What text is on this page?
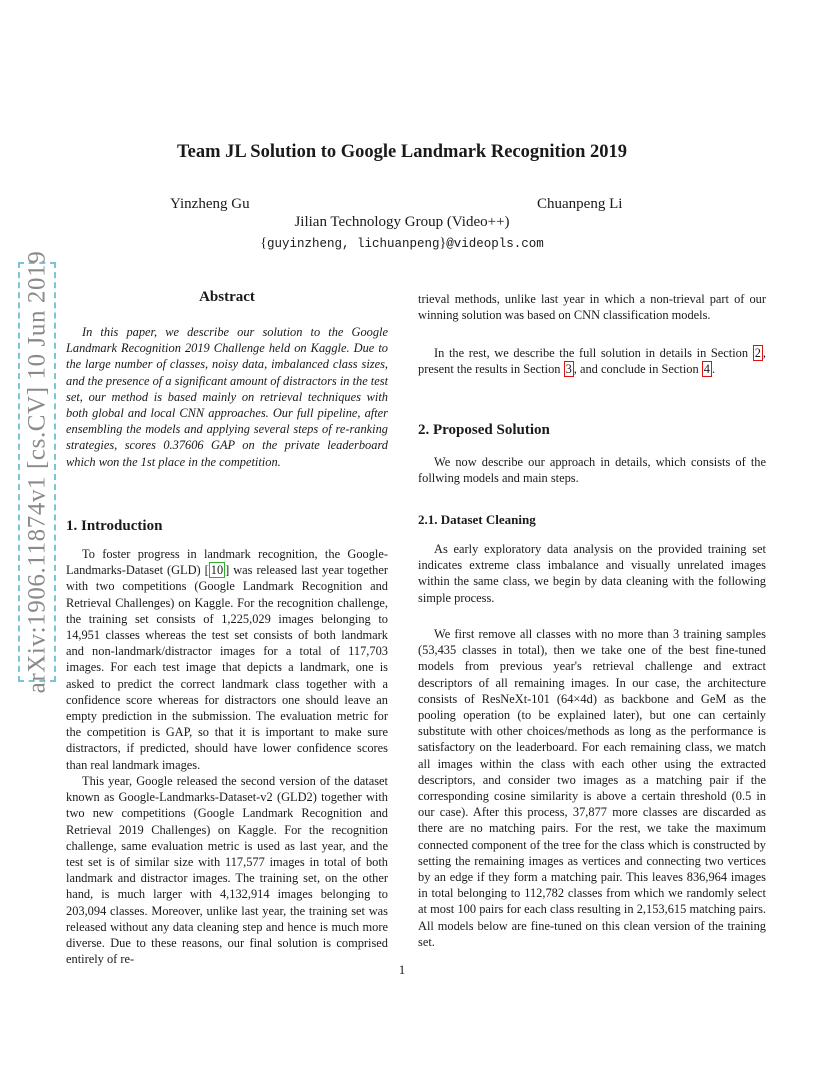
arXiv:1906.11874v1 [cs.CV] 10 Jun 2019
Team JL Solution to Google Landmark Recognition 2019
Yinzheng Gu	Chuanpeng Li
Jilian Technology Group (Video++)
{guyinzheng, lichuanpeng}@videopls.com
Abstract

In this paper, we describe our solution to the Google Landmark Recognition 2019 Challenge held on Kaggle. Due to the large number of classes, noisy data, imbalanced class sizes, and the presence of a significant amount of distractors in the test set, our method is based mainly on retrieval techniques with both global and local CNN approaches. Our full pipeline, after ensembling the models and applying several steps of re-ranking strategies, scores 0.37606 GAP on the private leaderboard which won the 1st place in the competition.

1. Introduction

To foster progress in landmark recognition, the Google-Landmarks-Dataset (GLD) [ 10 ] was released last year together with two competitions (Google Landmark Recognition and Retrieval Challenges) on Kaggle. For the recognition challenge, the training set consists of 1,225,029 images belonging to 14,951 classes whereas the test set consists of both landmark and non-landmark/distractor images for a total of 117,703 images. For each test image that depicts a landmark, one is asked to predict the correct landmark class together with a confidence score whereas for distractors one should leave an empty prediction in the submission. The evaluation metric for the competition is GAP, so that it is important to make sure distractors, if predicted, should have lower confidence scores than real landmark images.

This year, Google released the second version of the dataset known as Google-Landmarks-Dataset-v2 (GLD2) together with two new competitions (Google Landmark Recognition and Retrieval 2019 Challenges) on Kaggle. For the recognition challenge, same evaluation metric is used as last year, and the test set is of similar size with 117,577 images in total of both landmark and distractor images. The training set, on the other hand, is much larger with 4,132,914 images belonging to 203,094 classes. Moreover, unlike last year, the training set was released without any data cleaning step and hence is much more diverse. Due to these reasons, our final solution is comprised entirely of re-

trieval methods, unlike last year in which a non-trieval part of our winning solution was based on CNN classification models.

In the rest, we describe the full solution in details in Section 2 , present the results in Section 3 , and conclude in Section 4 .

2. Proposed Solution

We now describe our approach in details, which consists of the follwing models and main steps.

2.1. Dataset Cleaning

As early exploratory data analysis on the provided training set indicates extreme class imbalance and visually unrelated images within the same class, we begin by data cleaning with the following simple process.

We first remove all classes with no more than 3 training samples (53,435 classes in total), then we take one of the best fine-tuned models from previous year's retrieval challenge and extract descriptors of all remaining images. In our case, the architecture consists of ResNeXt-101 (64×4d) as backbone and GeM as the pooling operation (to be explained later), but one can certainly substitute with other choices/methods as long as the performance is satisfactory on the leaderboard. For each remaining class, we match all images within the class with each other using the extracted descriptors, and consider two images as a matching pair if the corresponding cosine similarity is above a certain threshold (0.5 in our case). After this process, 37,877 more classes are discarded as there are no matching pairs. For the rest, we take the maximum connected component of the tree for the class which is constructed by setting the remaining images as vertices and connecting two vertices by an edge if they form a matching pair. This leaves 836,964 images in total belonging to 112,782 classes from which we randomly select at most 100 pairs for each class resulting in 2,153,615 matching pairs. All models below are fine-tuned on this clean version of the training set.

1
